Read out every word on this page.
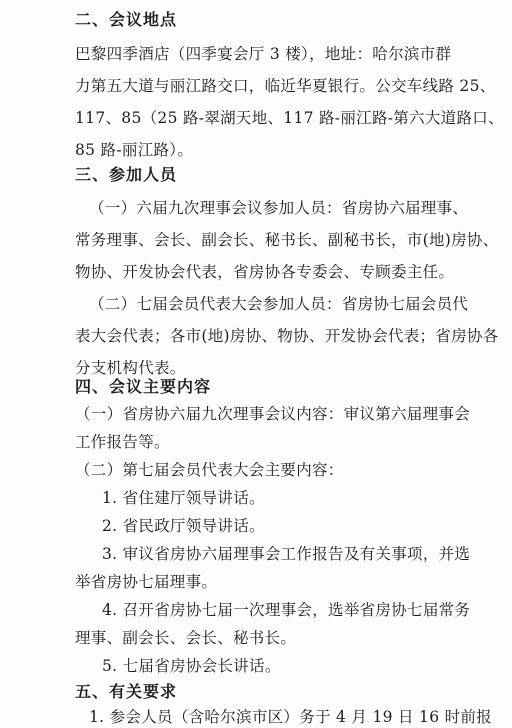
二、会议地点
巴黎四季酒店（四季宴会厅 3 楼），地址：哈尔滨市群
力第五大道与丽江路交口，临近华夏银行。公交车线路 25、
117、85（25 路-翠湖天地、117 路-丽江路-第六大道路口、
85 路-丽江路）。
三、参加人员
（一）六届九次理事会议参加人员：省房协六届理事、
常务理事、会长、副会长、秘书长、副秘书长，市(地)房协、
物协、开发协会代表，省房协各专委会、专顾委主任。
（二）七届会员代表大会参加人员：省房协七届会员代
表大会代表；各市(地)房协、物协、开发协会代表；省房协各
分支机构代表。
四、会议主要内容
（一）省房协六届九次理事会议内容：审议第六届理事会
工作报告等。
（二）第七届会员代表大会主要内容：
1. 省住建厅领导讲话。
2. 省民政厅领导讲话。
3. 审议省房协六届理事会工作报告及有关事项，并选
举省房协七届理事。
4. 召开省房协七届一次理事会，选举省房协七届常务
理事、副会长、会长、秘书长。
5. 七届省房协会长讲话。
五、有关要求
1. 参会人员（含哈尔滨市区）务于 4 月 19 日 16 时前报
